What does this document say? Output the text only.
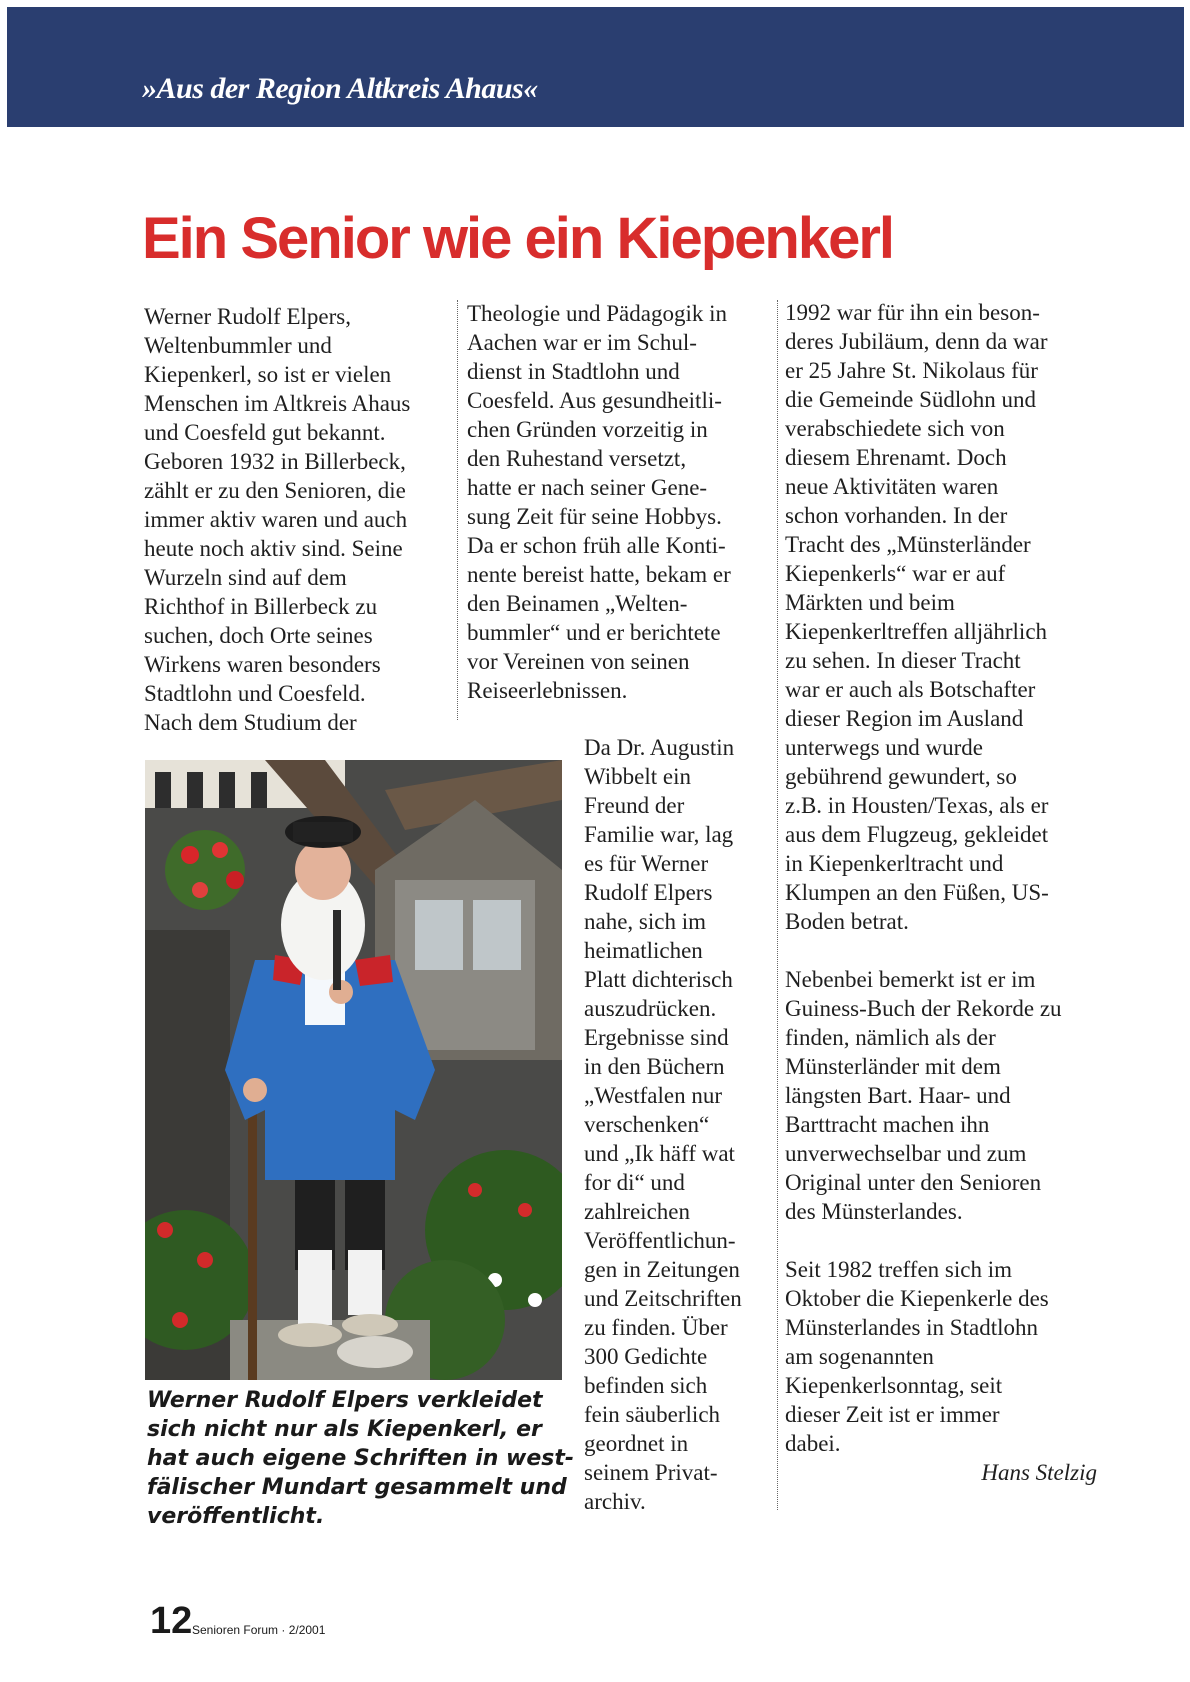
»Aus der Region Altkreis Ahaus«
Ein Senior wie ein Kiepenkerl
Werner Rudolf Elpers,
Weltenbummler und
Kiepenkerl, so ist er vielen
Menschen im Altkreis Ahaus
und Coesfeld gut bekannt.
Geboren 1932 in Billerbeck,
zählt er zu den Senioren, die
immer aktiv waren und auch
heute noch aktiv sind. Seine
Wurzeln sind auf dem
Richthof in Billerbeck zu
suchen, doch Orte seines
Wirkens waren besonders
Stadtlohn und Coesfeld.
Nach dem Studium der
Theologie und Pädagogik in
Aachen war er im Schul-
dienst in Stadtlohn und
Coesfeld. Aus gesundheitli-
chen Gründen vorzeitig in
den Ruhestand versetzt,
hatte er nach seiner Gene-
sung Zeit für seine Hobbys.
Da er schon früh alle Konti-
nente bereist hatte, bekam er
den Beinamen „Welten-
bummler“ und er berichtete
vor Vereinen von seinen
Reiseerlebnissen.
Werner Rudolf Elpers verkleidet
sich nicht nur als Kiepenkerl, er
hat auch eigene Schriften in west-
fälischer Mundart gesammelt und
veröffentlicht.
Da Dr. Augustin
Wibbelt ein
Freund der
Familie war, lag
es für Werner
Rudolf Elpers
nahe, sich im
heimatlichen
Platt dichterisch
auszudrücken.
Ergebnisse sind
in den Büchern
„Westfalen nur
verschenken“
und „Ik häff wat
for di“ und
zahlreichen
Veröffentlichun-
gen in Zeitungen
und Zeitschriften
zu finden. Über
300 Gedichte
befinden sich
fein säuberlich
geordnet in
seinem Privat-
archiv.
1992 war für ihn ein beson-
deres Jubiläum, denn da war
er 25 Jahre St. Nikolaus für
die Gemeinde Südlohn und
verabschiedete sich von
diesem Ehrenamt. Doch
neue Aktivitäten waren
schon vorhanden. In der
Tracht des „Münsterländer
Kiepenkerls“ war er auf
Märkten und beim
Kiepenkerltreffen alljährlich
zu sehen. In dieser Tracht
war er auch als Botschafter
dieser Region im Ausland
unterwegs und wurde
gebührend gewundert, so
z.B. in Housten/Texas, als er
aus dem Flugzeug, gekleidet
in Kiepenkerltracht und
Klumpen an den Füßen, US-
Boden betrat.
Nebenbei bemerkt ist er im
Guiness-Buch der Rekorde zu
finden, nämlich als der
Münsterländer mit dem
längsten Bart. Haar- und
Barttracht machen ihn
unverwechselbar und zum
Original unter den Senioren
des Münsterlandes.
Seit 1982 treffen sich im
Oktober die Kiepenkerle des
Münsterlandes in Stadtlohn
am sogenannten
Kiepenkerlsonntag, seit
dieser Zeit ist er immer
dabei.
Hans Stelzig
12 Senioren Forum · 2/2001
